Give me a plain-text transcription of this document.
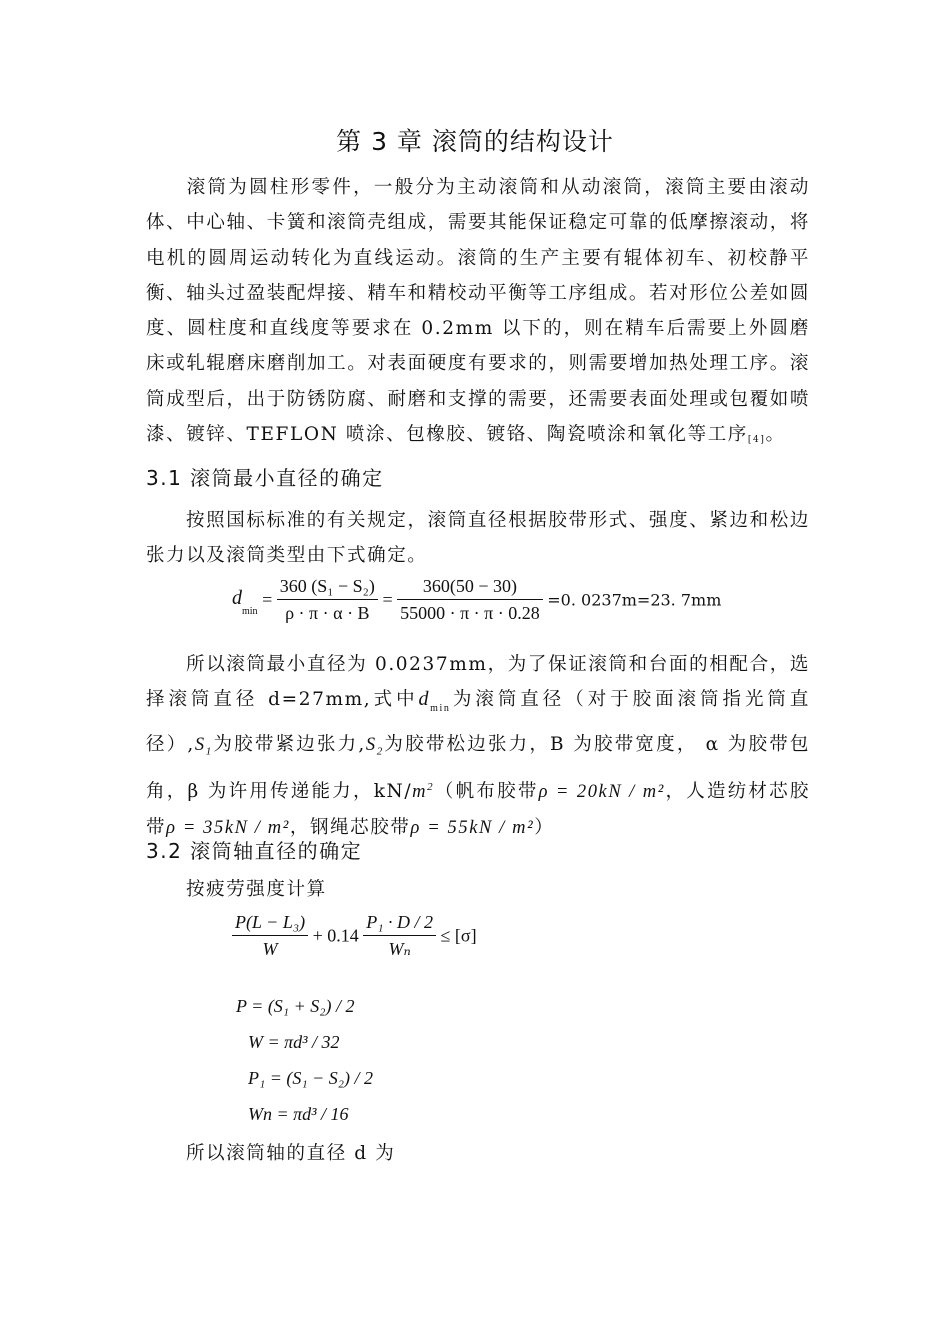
第 3 章 滚筒的结构设计
滚筒为圆柱形零件，一般分为主动滚筒和从动滚筒，滚筒主要由滚动体、中心轴、卡簧和滚筒壳组成，需要其能保证稳定可靠的低摩擦滚动，将电机的圆周运动转化为直线运动。滚筒的生产主要有辊体初车、初校静平衡、轴头过盈装配焊接、精车和精校动平衡等工序组成。若对形位公差如圆度、圆柱度和直线度等要求在 0.2mm 以下的，则在精车后需要上外圆磨床或轧辊磨床磨削加工。对表面硬度有要求的，则需要增加热处理工序。滚筒成型后，出于防锈防腐、耐磨和支撑的需要，还需要表面处理或包覆如喷漆、镀锌、TEFLON 喷涂、包橡胶、镀铬、陶瓷喷涂和氧化等工序[4]。
3.1 滚筒最小直径的确定
按照国标标准的有关规定，滚筒直径根据胶带形式、强度、紧边和松边张力以及滚筒类型由下式确定。
$d_{min} = \frac{\text{360 (S₁ − S₂)}}{\rho \cdot \pi \cdot \alpha \cdot B} = \frac{360(50 - 30)}{55000 \cdot \pi \cdot \pi \cdot 0.28} =0$. 0237m=23. 7mm
所以滚筒最小直径为 0.0237mm，为了保证滚筒和台面的相配合，选择滚筒直径 d=27mm,式中$d_{min}$为滚筒直径（对于胶面滚筒指光筒直径）$,S_1$为胶带紧边张力$,S_2$为胶带松边张力，B 为胶带宽度， α 为胶带包角，β 为许用传递能力，$kN/m^2$（帆布胶带ρ = 20kN / m²，人造纺材芯胶带ρ = 35kN / m²，钢绳芯胶带ρ = 55kN / m²）
3.2 滚筒轴直径的确定
按疲劳强度计算
$\frac{\text{P(L − L₃)}}{W} + 0.14 \frac{\text{P₁ · D / 2}}{\text{Wₙ}} \le [\sigma]$
P = (S₁ + S₂) / 2
W = πd³ / 32
P₁ = (S₁ − S₂) / 2
Wn = πd³ / 16
所以滚筒轴的直径 d 为
